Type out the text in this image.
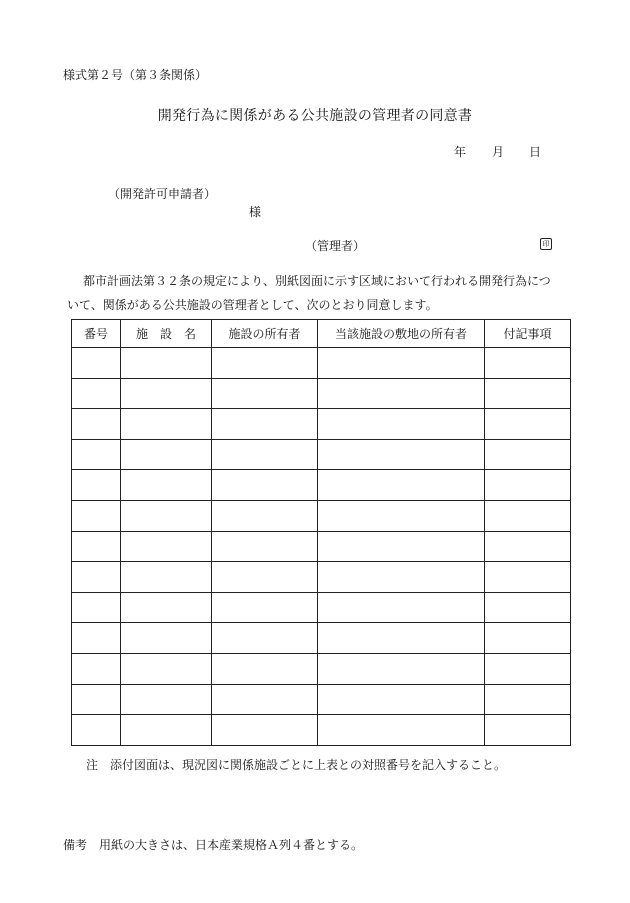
様式第２号（第３条関係）
開発行為に関係がある公共施設の管理者の同意書
年 月 日
（開発許可申請者）
様
（管理者）	印

都市計画法第３２条の規定により、別紙図面に示す区域において行われる開発行為につ

いて、関係がある公共施設の管理者として、次のとおり同意します。

番号	施　設　名	施設の所有者	当該施設の敷地の所有者	付記事項

注　添付図面は、現況図に関係施設ごとに上表との対照番号を記入すること。
備考　用紙の大きさは、日本産業規格Ａ列４番とする。
